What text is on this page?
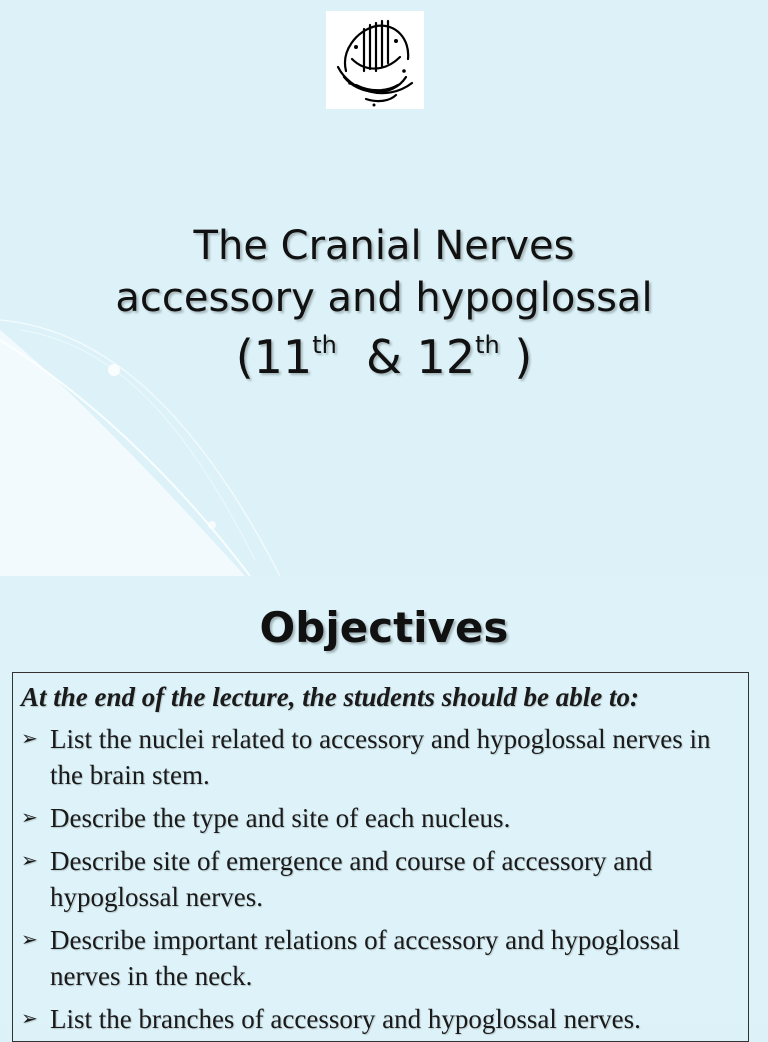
The Cranial Nerves
accessory and hypoglossal
(11th  & 12th )
Objectives
At the end of the lecture, the students should be able to:
➢ List the nuclei related to accessory and hypoglossal nerves in the brain stem.
➢ Describe the type and site of each nucleus.
➢ Describe site of emergence and course of accessory and hypoglossal nerves.
➢ Describe important relations of accessory and hypoglossal nerves in the neck.
➢ List the branches of accessory and hypoglossal nerves.
